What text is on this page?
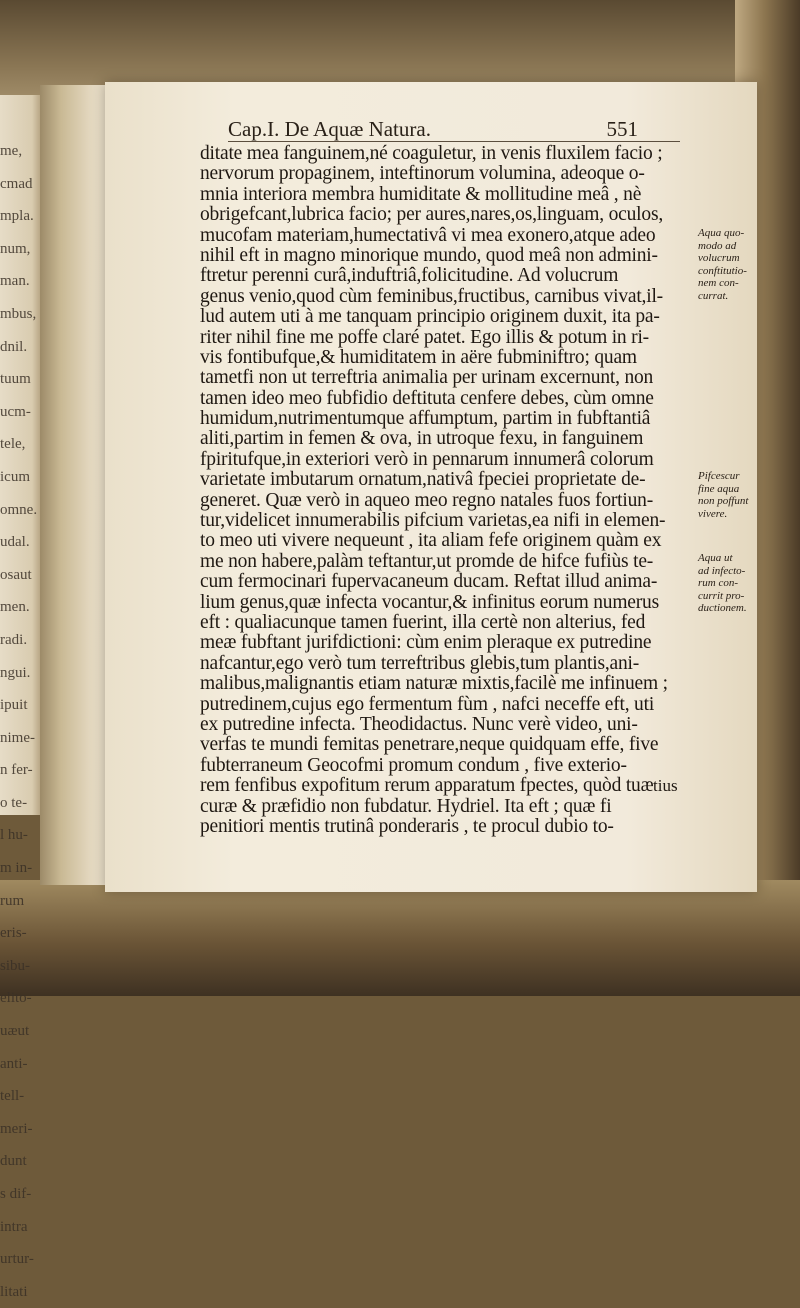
me,
cmad
mpla.
num,
man.
mbus,
dnil.
tuum
ucm-
tele,
icum
omne.
udal.
osaut
men.
radi.
ngui.
ipuit
nime-
n fer-
o te-
l hu-
m in-
rum
eris-
sibu-
elito-
uæut
anti-
tell-
meri-
dunt
s dif-
intra
urtur-
litati
Cap.I. De Aquæ Natura.	551
ditate mea fanguinem,né coaguletur, in venis fluxilem facio ;
nervorum propaginem, inteftinorum volumina, adeoque o-
mnia interiora membra humiditate & mollitudine meâ , nè
obrigefcant,lubrica facio; per aures,nares,os,linguam, oculos,
mucofam materiam,humectativâ vi mea exonero,atque adeo
nihil eft in magno minorique mundo, quod meâ non admini-
ftretur perenni curâ,induftriâ,folicitudine. Ad volucrum
genus venio,quod cùm feminibus,fructibus, carnibus vivat,il-
lud autem uti à me tanquam principio originem duxit, ita pa-
riter nihil fine me poffe claré patet. Ego illis & potum in ri-
vis fontibufque,& humiditatem in aëre fubminiftro; quam
tametfi non ut terreftria animalia per urinam excernunt, non
tamen ideo meo fubfidio deftituta cenfere debes, cùm omne
humidum,nutrimentumque affumptum, partim in fubftantiâ
aliti,partim in femen & ova, in utroque fexu, in fanguinem
fpiritufque,in exteriori verò in pennarum innumerâ colorum
varietate imbutarum ornatum,nativâ fpeciei proprietate de-
generet. Quæ verò in aqueo meo regno natales fuos fortiun-
tur,videlicet innumerabilis pifcium varietas,ea nifi in elemen-
to meo uti vivere nequeunt , ita aliam fefe originem quàm ex
me non habere,palàm teftantur,ut promde de hifce fufiùs te-
cum fermocinari fupervacaneum ducam. Reftat illud anima-
lium genus,quæ infecta vocantur,& infinitus eorum numerus
eft : qualiacunque tamen fuerint, illa certè non alterius, fed
meæ fubftant jurifdictioni: cùm enim pleraque ex putredine
nafcantur,ego verò tum terreftribus glebis,tum plantis,ani-
malibus,malignantis etiam naturæ mixtis,facilè me infinuem ;
putredinem,cujus ego fermentum fùm , nafci neceffe eft, uti
ex putredine infecta. Theodidactus. Nunc verè video, uni-
verfas te mundi femitas penetrare,neque quidquam effe, five
fubterraneum Geocofmi promum condum , five exterio-
rem fenfibus expofitum rerum apparatum fpectes, quòd tuæ
curæ & præfidio non fubdatur. Hydriel. Ita eft ; quæ fi
penitiori mentis trutinâ ponderaris , te procul dubio to-
Aqua quo-
modo ad
volucrum
conftitutio-
nem con-
currat.
Pifcescur
fine aqua
non poffunt
vivere.
Aqua ut
ad infecto-
rum con-
currit pro-
ductionem.
tius
